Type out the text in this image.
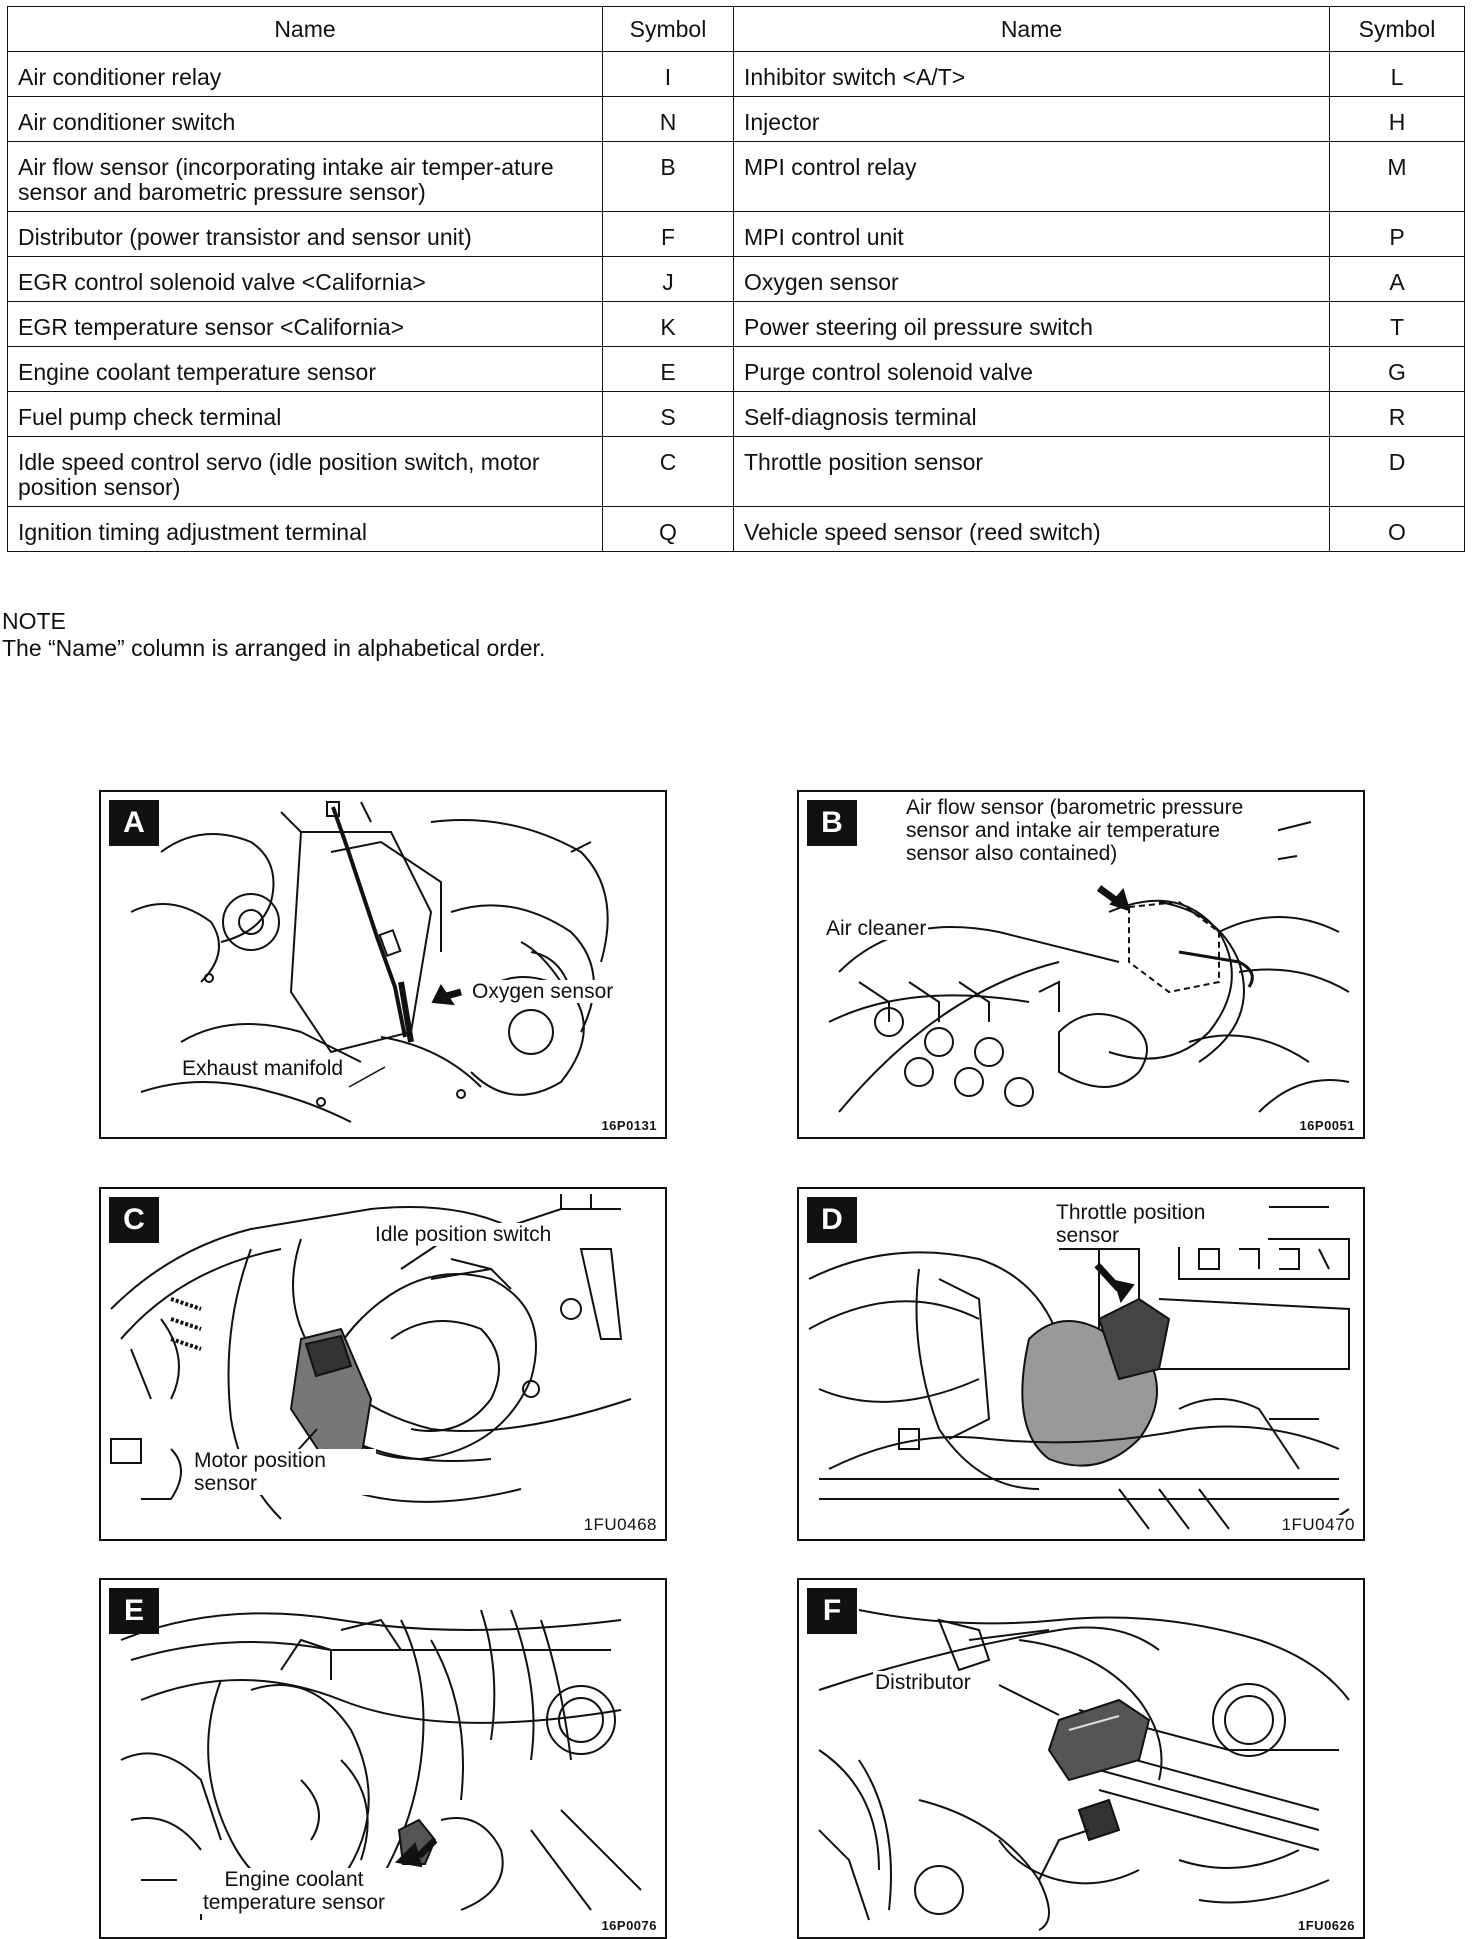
Name	Symbol	Name	Symbol
Air conditioner relay	I	Inhibitor switch <A/T>	L
Air conditioner switch	N	Injector	H
Air flow sensor (incorporating intake air temper-ature sensor and barometric pressure sensor)	B	MPI control relay	M
Distributor (power transistor and sensor unit)	F	MPI control unit	P
EGR control solenoid valve <California>	J	Oxygen sensor	A
EGR temperature sensor <California>	K	Power steering oil pressure switch	T
Engine coolant temperature sensor	E	Purge control solenoid valve	G
Fuel pump check terminal	S	Self-diagnosis terminal	R
Idle speed control servo (idle position switch, motor position sensor)	C	Throttle position sensor	D
Ignition timing adjustment terminal	Q	Vehicle speed sensor (reed switch)	O
NOTE
The “Name” column is arranged in alphabetical order.
A
Oxygen sensor
Exhaust manifold
16P0131
B	Air flow sensor (barometric pressure sensor and intake air temperature sensor also contained)
Air cleaner
16P0051
C	Idle position switch
Motor position sensor
1FU0468
D	Throttle position sensor
1FU0470
E
Engine coolant temperature sensor
16P0076
F
Distributor
1FU0626
